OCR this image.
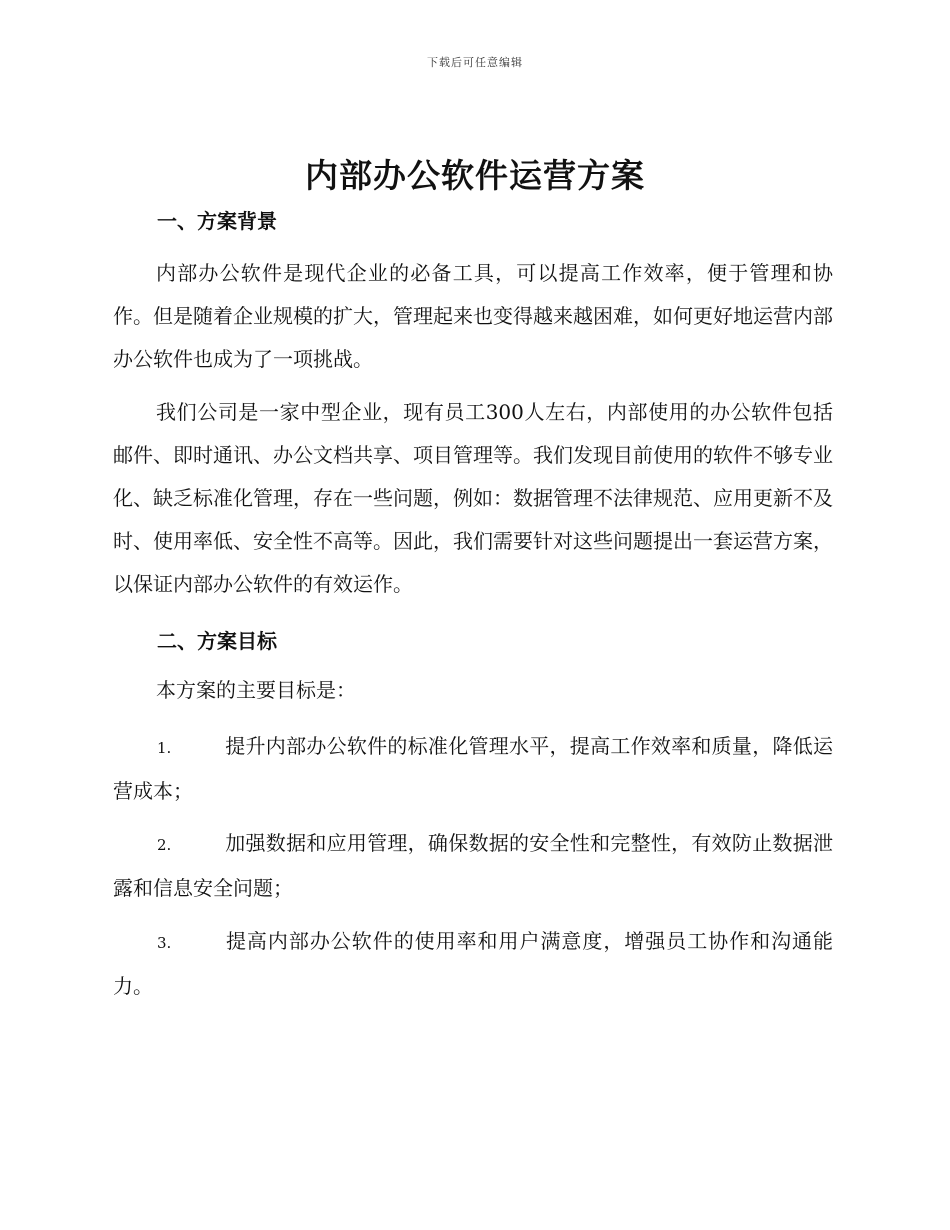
下载后可任意编辑
内部办公软件运营方案
一、方案背景

内部办公软件是现代企业的必备工具，可以提高工作效率，便于管理和协作。但是随着企业规模的扩大，管理起来也变得越来越困难，如何更好地运营内部办公软件也成为了一项挑战。

我们公司是一家中型企业，现有员工300人左右，内部使用的办公软件包括邮件、即时通讯、办公文档共享、项目管理等。我们发现目前使用的软件不够专业化、缺乏标准化管理，存在一些问题，例如：数据管理不法律规范、应用更新不及时、使用率低、安全性不高等。因此，我们需要针对这些问题提出一套运营方案，以保证内部办公软件的有效运作。

二、方案目标

本方案的主要目标是：

1.	提升内部办公软件的标准化管理水平，提高工作效率和质量，降低运营成本；

2.	加强数据和应用管理，确保数据的安全性和完整性，有效防止数据泄露和信息安全问题；

3.	提高内部办公软件的使用率和用户满意度，增强员工协作和沟通能力。
